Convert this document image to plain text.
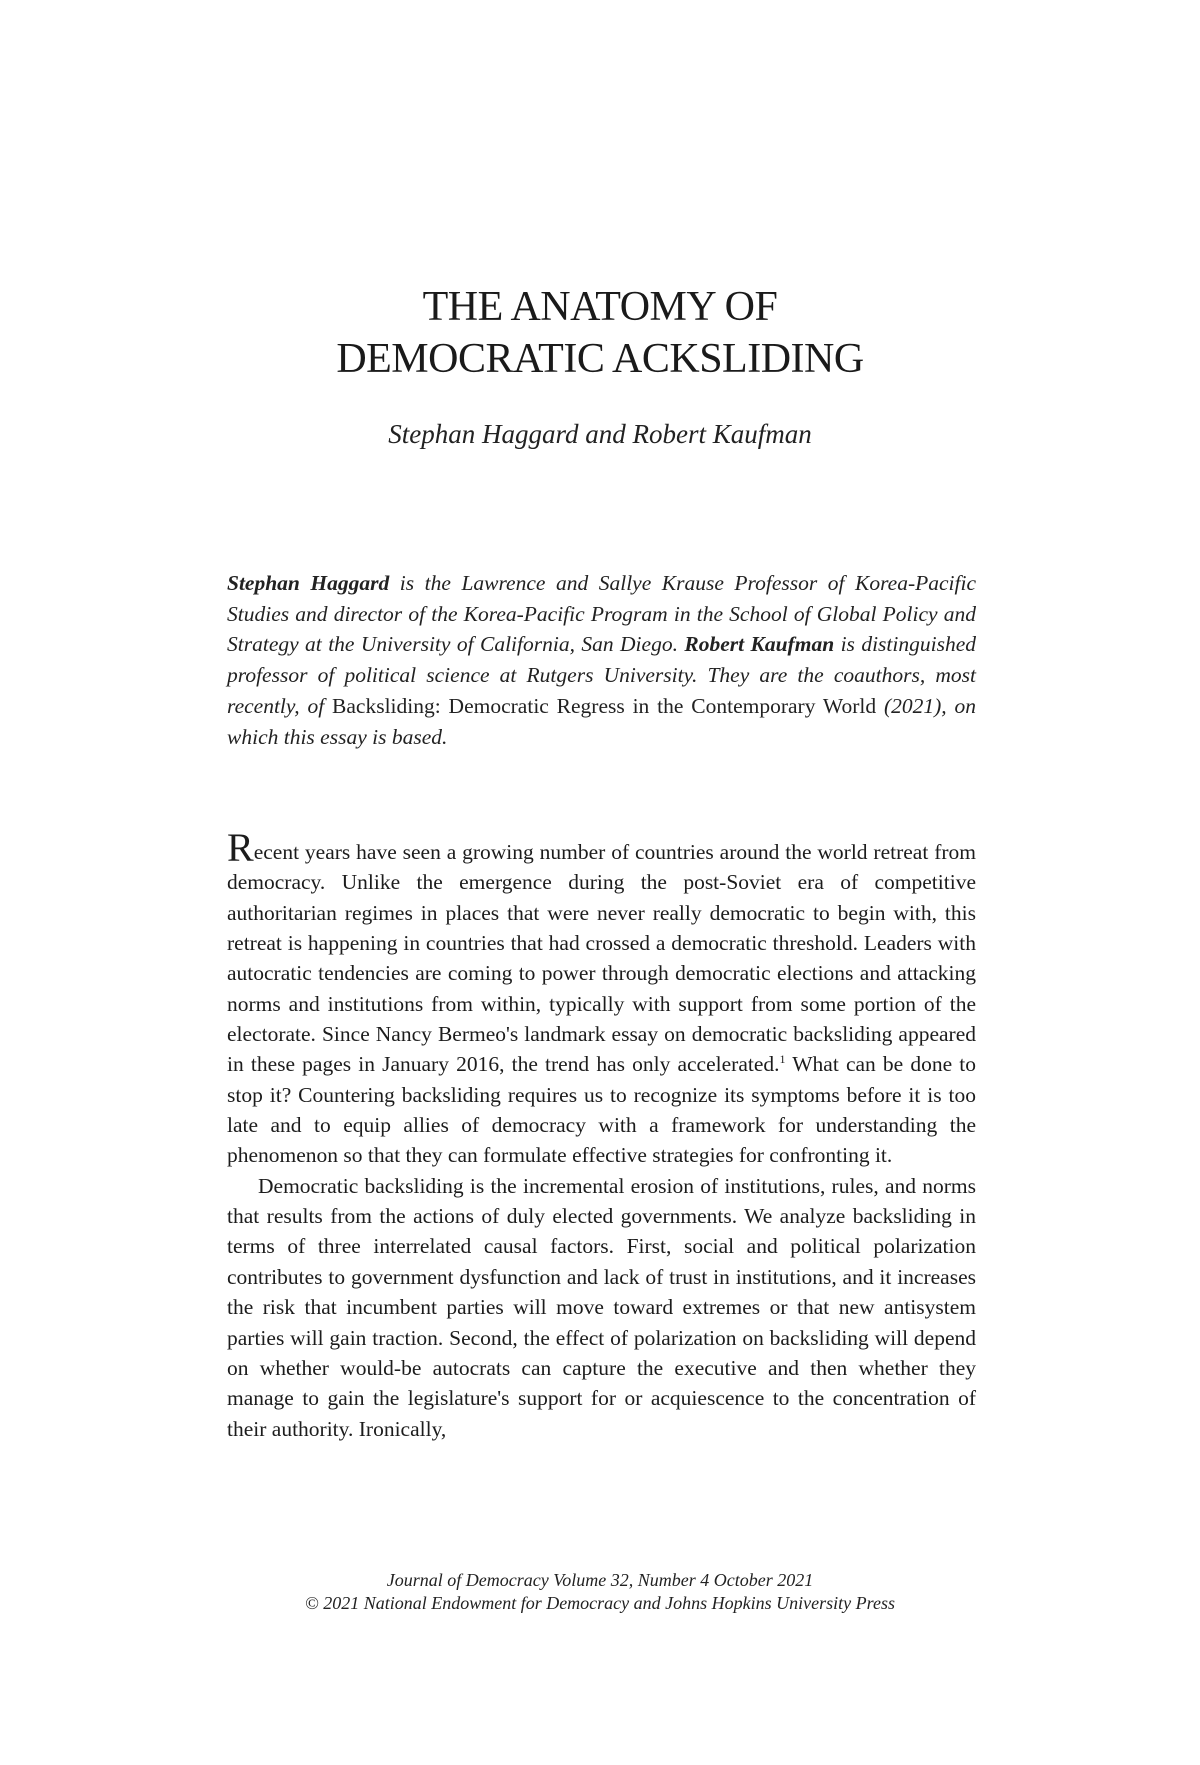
THE ANATOMY OF
DEMOCRATIC ACKSLIDING
Stephan Haggard and Robert Kaufman
Stephan Haggard is the Lawrence and Sallye Krause Professor of Korea-Pacific Studies and director of the Korea-Pacific Program in the School of Global Policy and Strategy at the University of California, San Diego. Robert Kaufman is distinguished professor of political science at Rutgers University. They are the coauthors, most recently, of Backsliding: Democratic Regress in the Contemporary World (2021), on which this essay is based.

Recent years have seen a growing number of countries around the world retreat from democracy. Unlike the emergence during the post-Soviet era of competitive authoritarian regimes in places that were never really democratic to begin with, this retreat is happening in countries that had crossed a democratic threshold. Leaders with autocratic tendencies are coming to power through democratic elections and attacking norms and institutions from within, typically with support from some portion of the electorate. Since Nancy Bermeo's landmark essay on democratic backsliding appeared in these pages in January 2016, the trend has only accelerated.$^1$ What can be done to stop it? Countering backsliding requires us to recognize its symptoms before it is too late and to equip allies of democracy with a framework for understanding the phenomenon so that they can formulate effective strategies for confronting it.

Democratic backsliding is the incremental erosion of institutions, rules, and norms that results from the actions of duly elected governments. We analyze backsliding in terms of three interrelated causal factors. First, social and political polarization contributes to government dysfunction and lack of trust in institutions, and it increases the risk that incumbent parties will move toward extremes or that new antisystem parties will gain traction. Second, the effect of polarization on backsliding will depend on whether would-be autocrats can capture the executive and then whether they manage to gain the legislature's support for or acquiescence to the concentration of their authority. Ironically,

Journal of Democracy Volume 32, Number 4 October 2021
© 2021 National Endowment for Democracy and Johns Hopkins University Press
